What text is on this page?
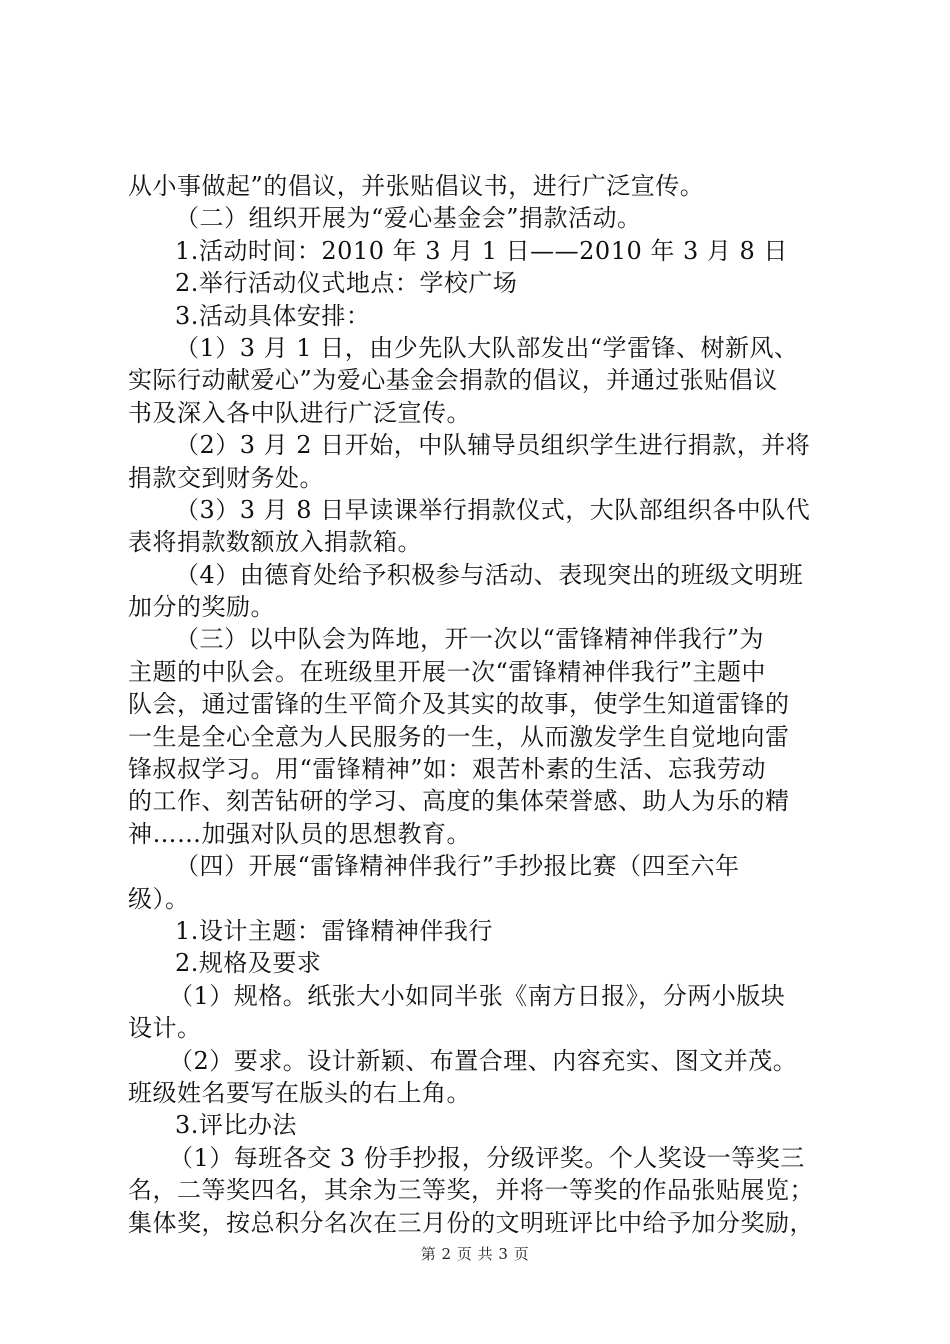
从小事做起”的倡议，并张贴倡议书，进行广泛宣传。
（二）组织开展为“爱心基金会”捐款活动。
1.活动时间：2010 年 3 月 1 日——2010 年 3 月 8 日
2.举行活动仪式地点：学校广场
3.活动具体安排：
（1）3 月 1 日，由少先队大队部发出“学雷锋、树新风、
实际行动献爱心”为爱心基金会捐款的倡议，并通过张贴倡议
书及深入各中队进行广泛宣传。
（2）3 月 2 日开始，中队辅导员组织学生进行捐款，并将
捐款交到财务处。
（3）3 月 8 日早读课举行捐款仪式，大队部组织各中队代
表将捐款数额放入捐款箱。
（4）由德育处给予积极参与活动、表现突出的班级文明班
加分的奖励。
（三）以中队会为阵地，开一次以“雷锋精神伴我行”为
主题的中队会。在班级里开展一次“雷锋精神伴我行”主题中
队会，通过雷锋的生平简介及其实的故事，使学生知道雷锋的
一生是全心全意为人民服务的一生，从而激发学生自觉地向雷
锋叔叔学习。用“雷锋精神”如：艰苦朴素的生活、忘我劳动
的工作、刻苦钻研的学习、高度的集体荣誉感、助人为乐的精
神……加强对队员的思想教育。
（四）开展“雷锋精神伴我行”手抄报比赛（四至六年
级）。
1.设计主题：雷锋精神伴我行
2.规格及要求
（1）规格。纸张大小如同半张《南方日报》，分两小版块
设计。
（2）要求。设计新颖、布置合理、内容充实、图文并茂。
班级姓名要写在版头的右上角。
3.评比办法
（1）每班各交 3 份手抄报，分级评奖。个人奖设一等奖三
名，二等奖四名，其余为三等奖，并将一等奖的作品张贴展览；
集体奖，按总积分名次在三月份的文明班评比中给予加分奖励，
第 2 页 共 3 页
